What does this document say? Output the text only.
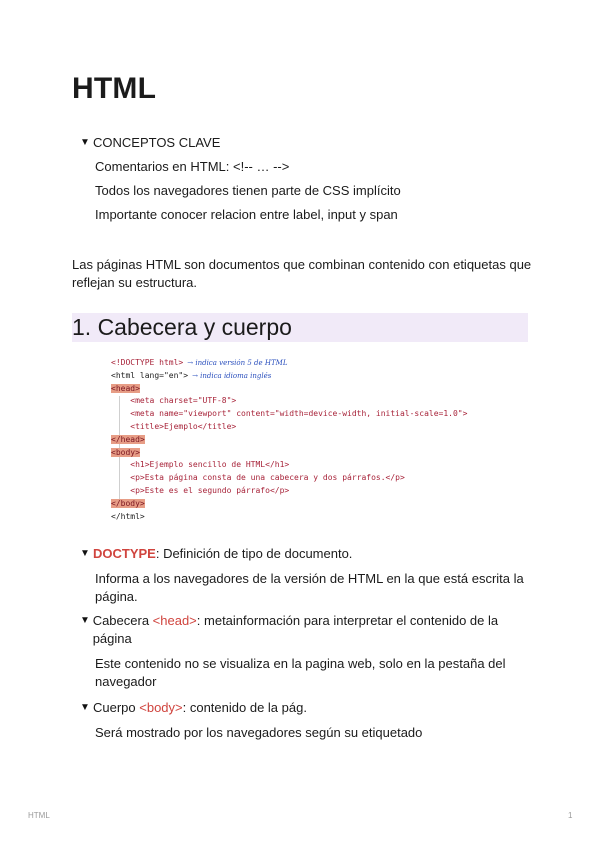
HTML
▼ CONCEPTOS CLAVE
Comentarios en HTML: <!-- … -->
Todos los navegadores tienen parte de CSS implícito
Importante conocer relacion entre label, input y span
Las páginas HTML son documentos que combinan contenido con etiquetas que reflejan su estructura.
1. Cabecera y cuerpo
<!DOCTYPE html> → indica versión 5 de HTML
<html lang="en"> → indica idioma inglés
<head>
<meta charset="UTF-8">
<meta name="viewport" content="width=device-width, initial-scale=1.0">
<title>Ejemplo</title>
</head>
<body>
<h1>Ejemplo sencillo de HTML</h1>
<p>Esta página consta de una cabecera y dos párrafos.</p>
<p>Este es el segundo párrafo</p>
</body>
</html>
▼ DOCTYPE: Definición de tipo de documento.
Informa a los navegadores de la versión de HTML en la que está escrita la página.
▼ Cabecera <head>: metainformación para interpretar el contenido de la página
Este contenido no se visualiza en la pagina web, solo en la pestaña del navegador
▼ Cuerpo <body>: contenido de la pág.
Será mostrado por los navegadores según su etiquetado
HTML	1
